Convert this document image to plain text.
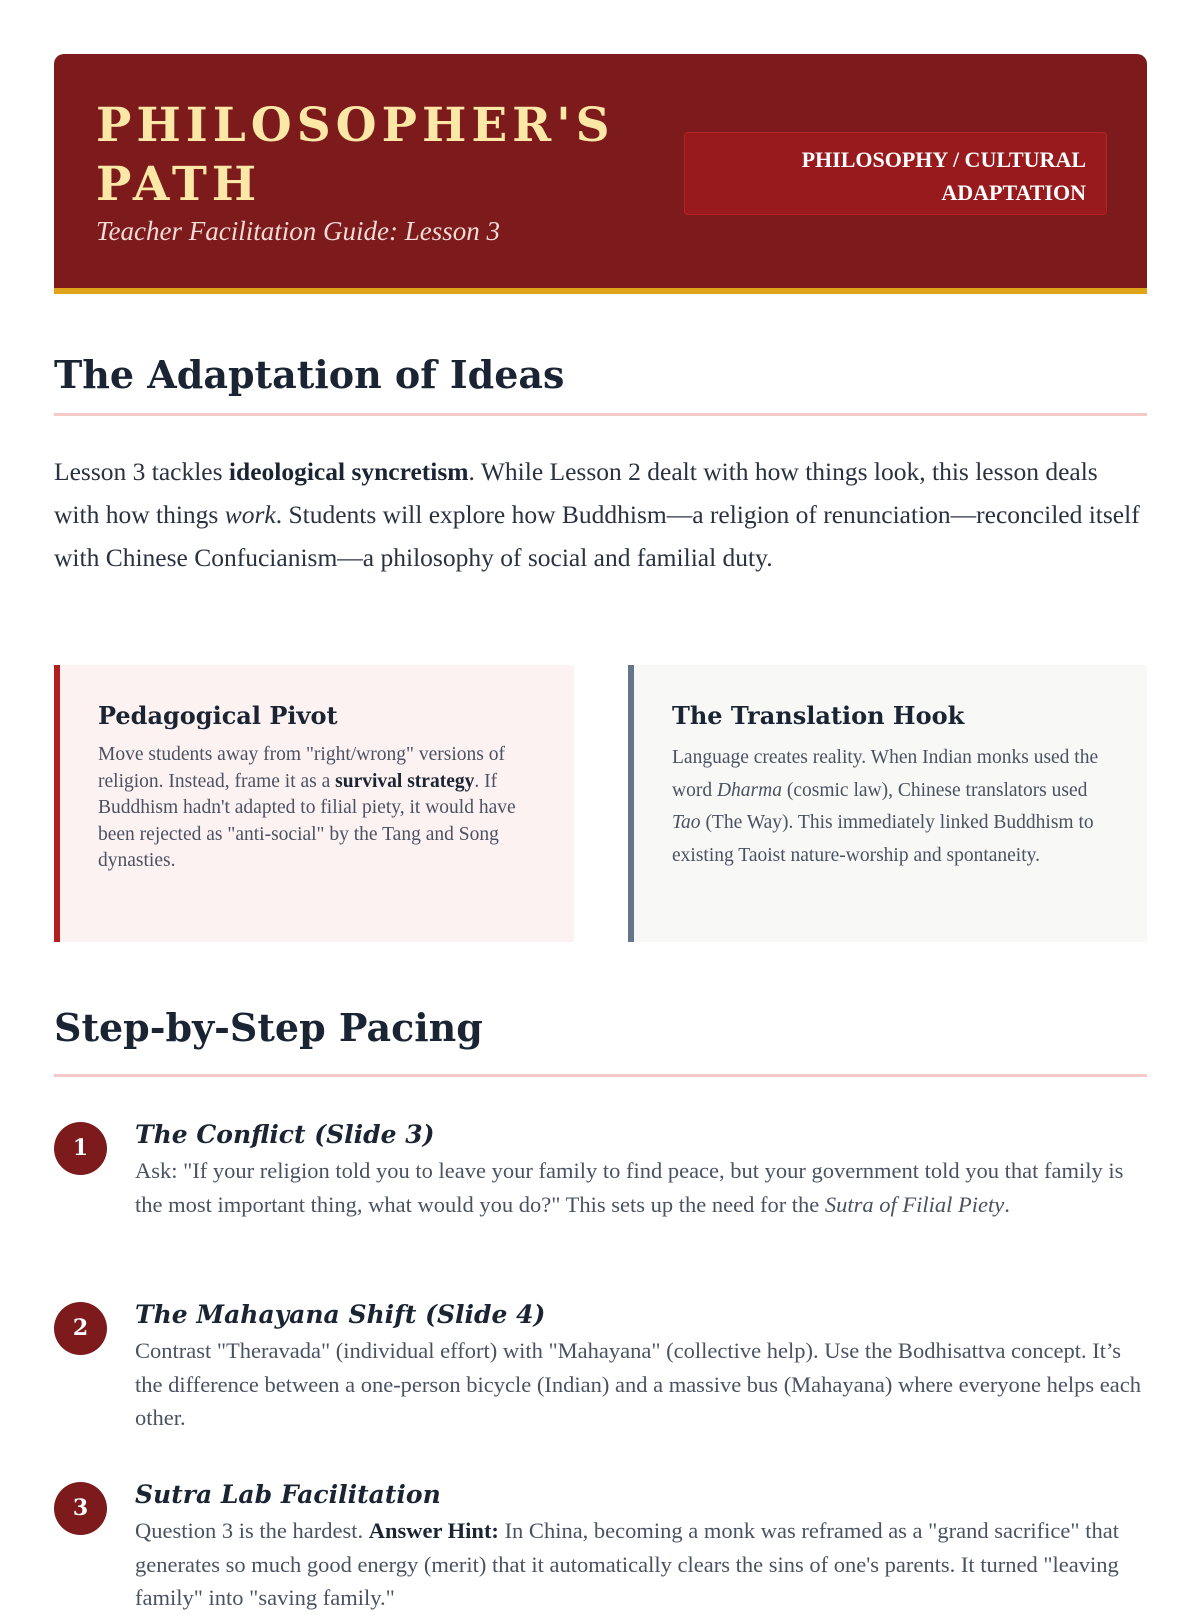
PHILOSOPHER'S PATH
Teacher Facilitation Guide: Lesson 3
PHILOSOPHY / CULTURAL ADAPTATION
The Adaptation of Ideas

Lesson 3 tackles ideological syncretism. While Lesson 2 dealt with how things look, this lesson deals with how things work. Students will explore how Buddhism—a religion of renunciation—reconciled itself with Chinese Confucianism—a philosophy of social and familial duty.

Pedagogical Pivot

Move students away from "right/wrong" versions of religion. Instead, frame it as a survival strategy. If Buddhism hadn't adapted to filial piety, it would have been rejected as "anti-social" by the Tang and Song dynasties.

The Translation Hook

Language creates reality. When Indian monks used the word Dharma (cosmic law), Chinese translators used Tao (The Way). This immediately linked Buddhism to existing Taoist nature-worship and spontaneity.

Step-by-Step Pacing
1	The Conflict (Slide 3)

Ask: "If your religion told you to leave your family to find peace, but your government told you that family is the most important thing, what would you do?" This sets up the need for the Sutra of Filial Piety.

2	The Mahayana Shift (Slide 4)

Contrast "Theravada" (individual effort) with "Mahayana" (collective help). Use the Bodhisattva concept. It’s the difference between a one-person bicycle (Indian) and a massive bus (Mahayana) where everyone helps each other.

3	Sutra Lab Facilitation

Question 3 is the hardest. Answer Hint: In China, becoming a monk was reframed as a "grand sacrifice" that generates so much good energy (merit) that it automatically clears the sins of one's parents. It turned "leaving family" into "saving family."
